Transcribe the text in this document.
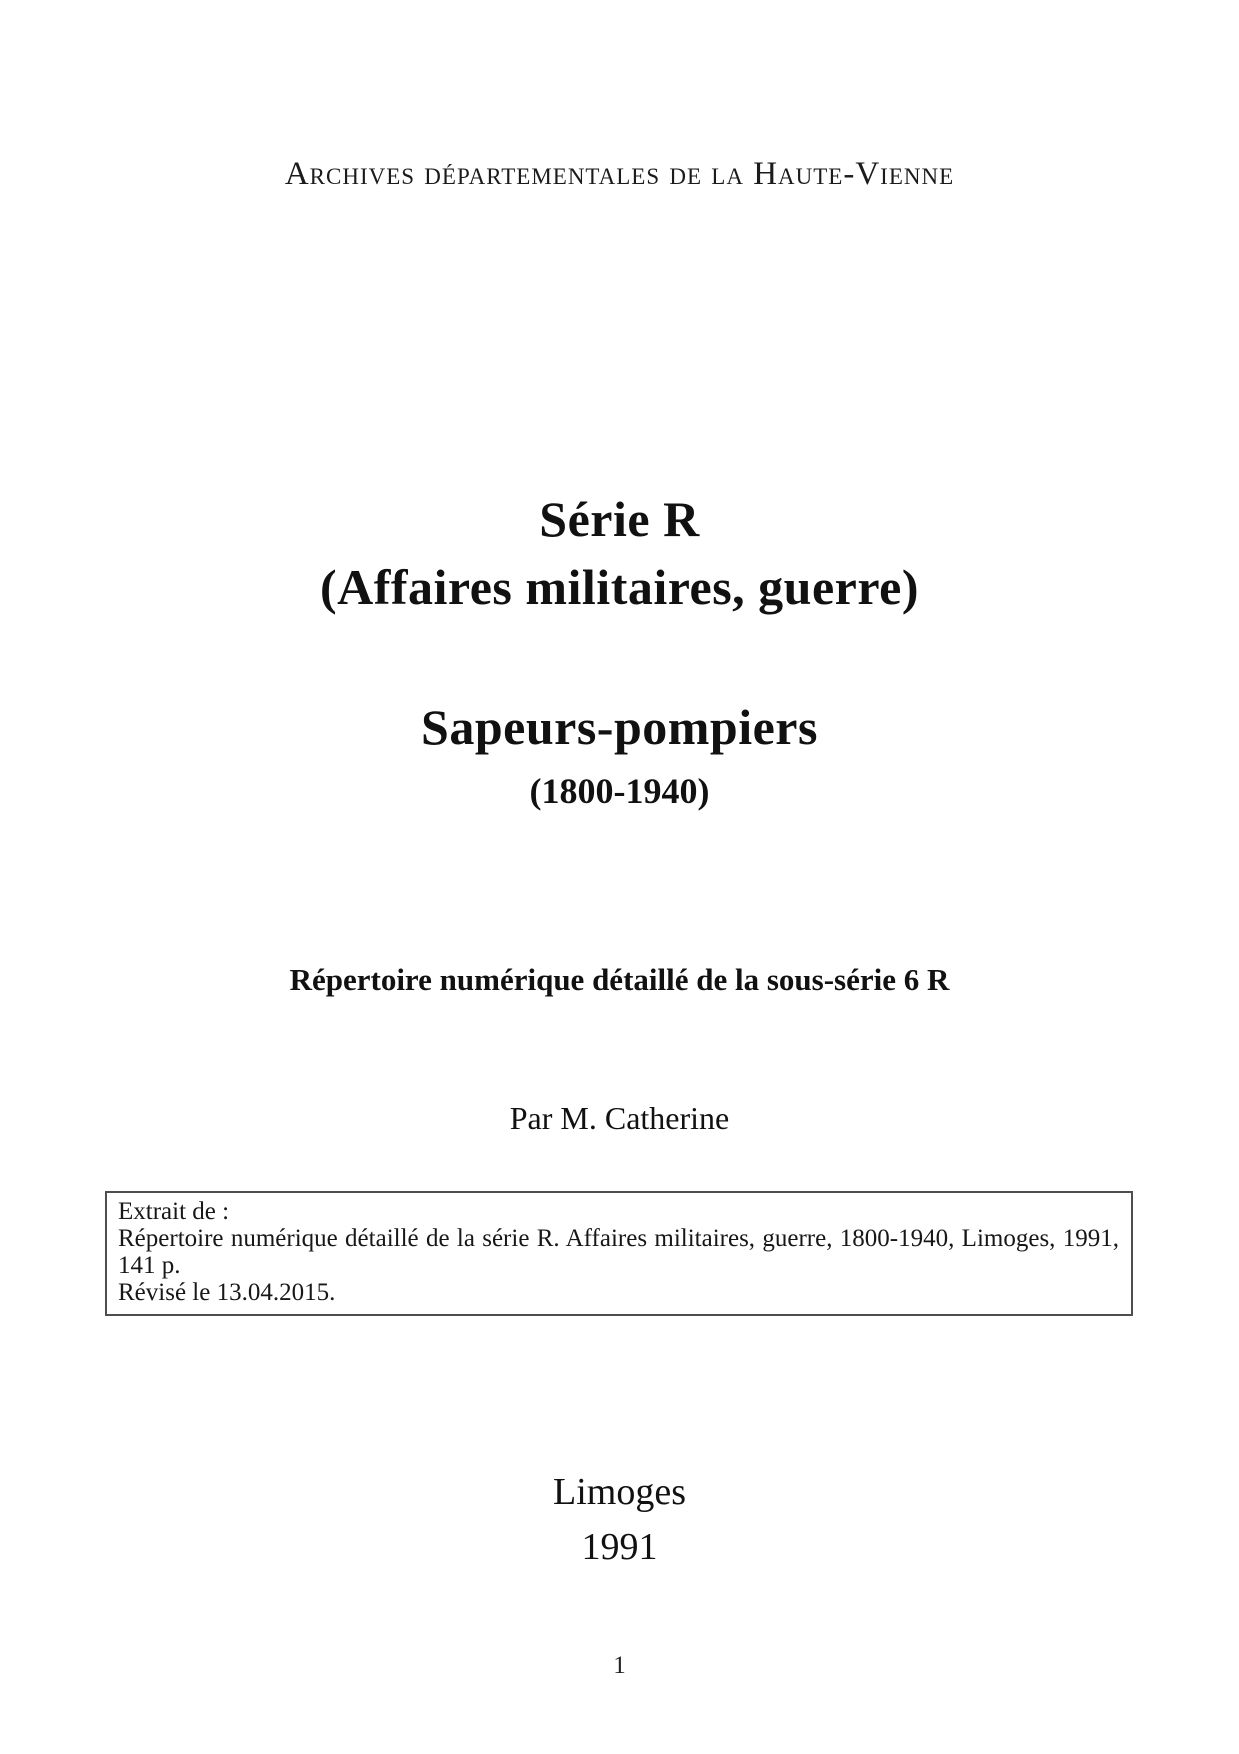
Archives départementales de la Haute-Vienne
Série R
(Affaires militaires, guerre)
Sapeurs-pompiers
(1800-1940)
Répertoire numérique détaillé de la sous-série 6 R
Par M. Catherine
Extrait de :

Répertoire numérique détaillé de la série R. Affaires militaires, guerre, 1800-1940, Limoges, 1991, 141 p.

Révisé le 13.04.2015.
Limoges
1991
1
